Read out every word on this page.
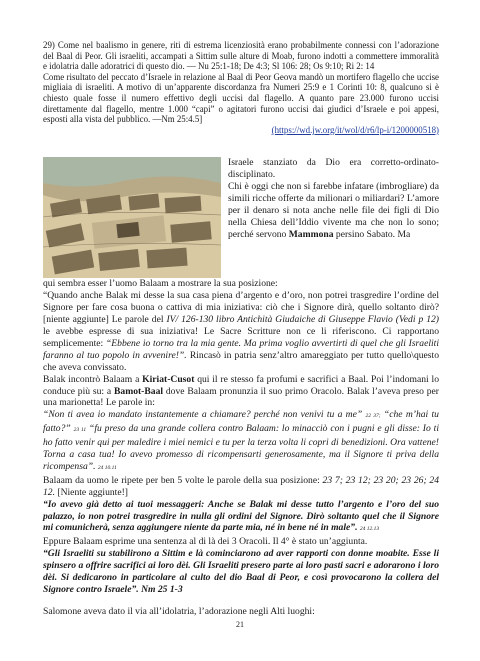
29) Come nel baalismo in genere, riti di estrema licenziosità erano probabilmente connessi con l’adorazione del Baal di Peor. Gli israeliti, accampati a Sittim sulle alture di Moab, furono indotti a commettere immoralità e idolatria dalle adoratrici di questo dio. — Nu 25:1-18; De 4:3; Sl 106: 28; Os 9:10; Ri 2: 14

Come risultato del peccato d’Israele in relazione al Baal di Peor Geova mandò un mortifero flagello che uccise migliaia di israeliti. A motivo di un’apparente discordanza fra Numeri 25:9 e 1 Corinti 10: 8, qualcuno si è chiesto quale fosse il numero effettivo degli uccisi dal flagello. A quanto pare 23.000 furono uccisi direttamente dal flagello, mentre 1.000 “capi” o agitatori furono uccisi dai giudici d’Israele e poi appesi, esposti alla vista del pubblico. —Nm 25:4.5]

(https://wd.jw.org/it/wol/d/r6/lp-i/1200000518)

Israele stanziato da Dio era corretto-ordinato-disciplinato.

Chi è oggi che non si farebbe infatare (imbrogliare) da simili ricche offerte da milionari o miliardari? L’amore per il denaro si nota anche nelle file dei figli di Dio nella Chiesa dell’Iddio vivente ma che non lo sono; perché servono Mammona persino Sabato. Ma

qui sembra esser l’uomo Balaam a mostrare la sua posizione:

“Quando anche Balak mi desse la sua casa piena d’argento e d’oro, non potrei trasgredire l’ordine del Signore per fare cosa buona o cattiva di mia iniziativa: ciò che i Signore dirà, quello soltanto dirò? [niente aggiunte] Le parole del IV/ 126-130 libro Antichità Giudaiche di Giuseppe Flavio (Vedi p 12) le avebbe espresse di sua iniziativa! Le Sacre Scritture non ce li riferiscono. Ci rapportano semplicemente: “Ebbene io torno tra la mia gente. Ma prima voglio avvertirti di quel che gli Israeliti faranno al tuo popolo in avvenire!”. Rincasò in patria senz’altro amareggiato per tutto quello\questo che aveva convissato.

Balak incontrò Balaam a Kiriat-Cusot qui il re stesso fa profumi e sacrifici a Baal. Poi l’indomani lo conduce più su: a Bamot-Baal dove Balaam pronunzia il suo primo Oracolo. Balak l’aveva preso per una marionetta! Le parole in:

“Non ti avea io mandato instantemente a chiamare? perché non venivi tu a me” 22 37; “che m’hai tu fatto?” 23 11 “fu preso da una grande collera contro Balaam: lo minacciò con i pugni e gli disse: Io ti ho fatto venir qui per maledire i miei nemici e tu per la terza volta li copri di benedizioni. Ora vattene! Torna a casa tua! Io avevo promesso di ricompensarti generosamente, ma il Signore ti priva della ricompensa”. 24 10.11

Balaam da uomo le ripete per ben 5 volte le parole della sua posizione: 23 7; 23 12; 23 20; 23 26; 24 12. [Niente aggiunte!]

“Io avevo già detto ai tuoi messaggeri: Anche se Balak mi desse tutto l’argento e l’oro del suo palazzo, io non potrei trasgredire in nulla gli ordini del Signore. Dirò soltanto quel che il Signore mi comunicherà, senza aggiungere niente da parte mia, né in bene né in male”. 24 12.13

Eppure Balaam esprime una sentenza al di là dei 3 Oracoli. Il 4° è stato un’aggiunta.

“Gli Israeliti su stabilirono a Sittim e là cominciarono ad aver rapporti con donne moabite. Esse li spinsero a offrire sacrifici ai loro dèi. Gli Israeliti presero parte ai loro pasti sacri e adorarono i loro dèi. Si dedicarono in particolare al culto del dio Baal di Peor, e così provocarono la collera del Signore contro Israele”. Nm 25 1-3

Salomone aveva dato il via all’idolatria, l’adorazione negli Alti luoghi:

21
